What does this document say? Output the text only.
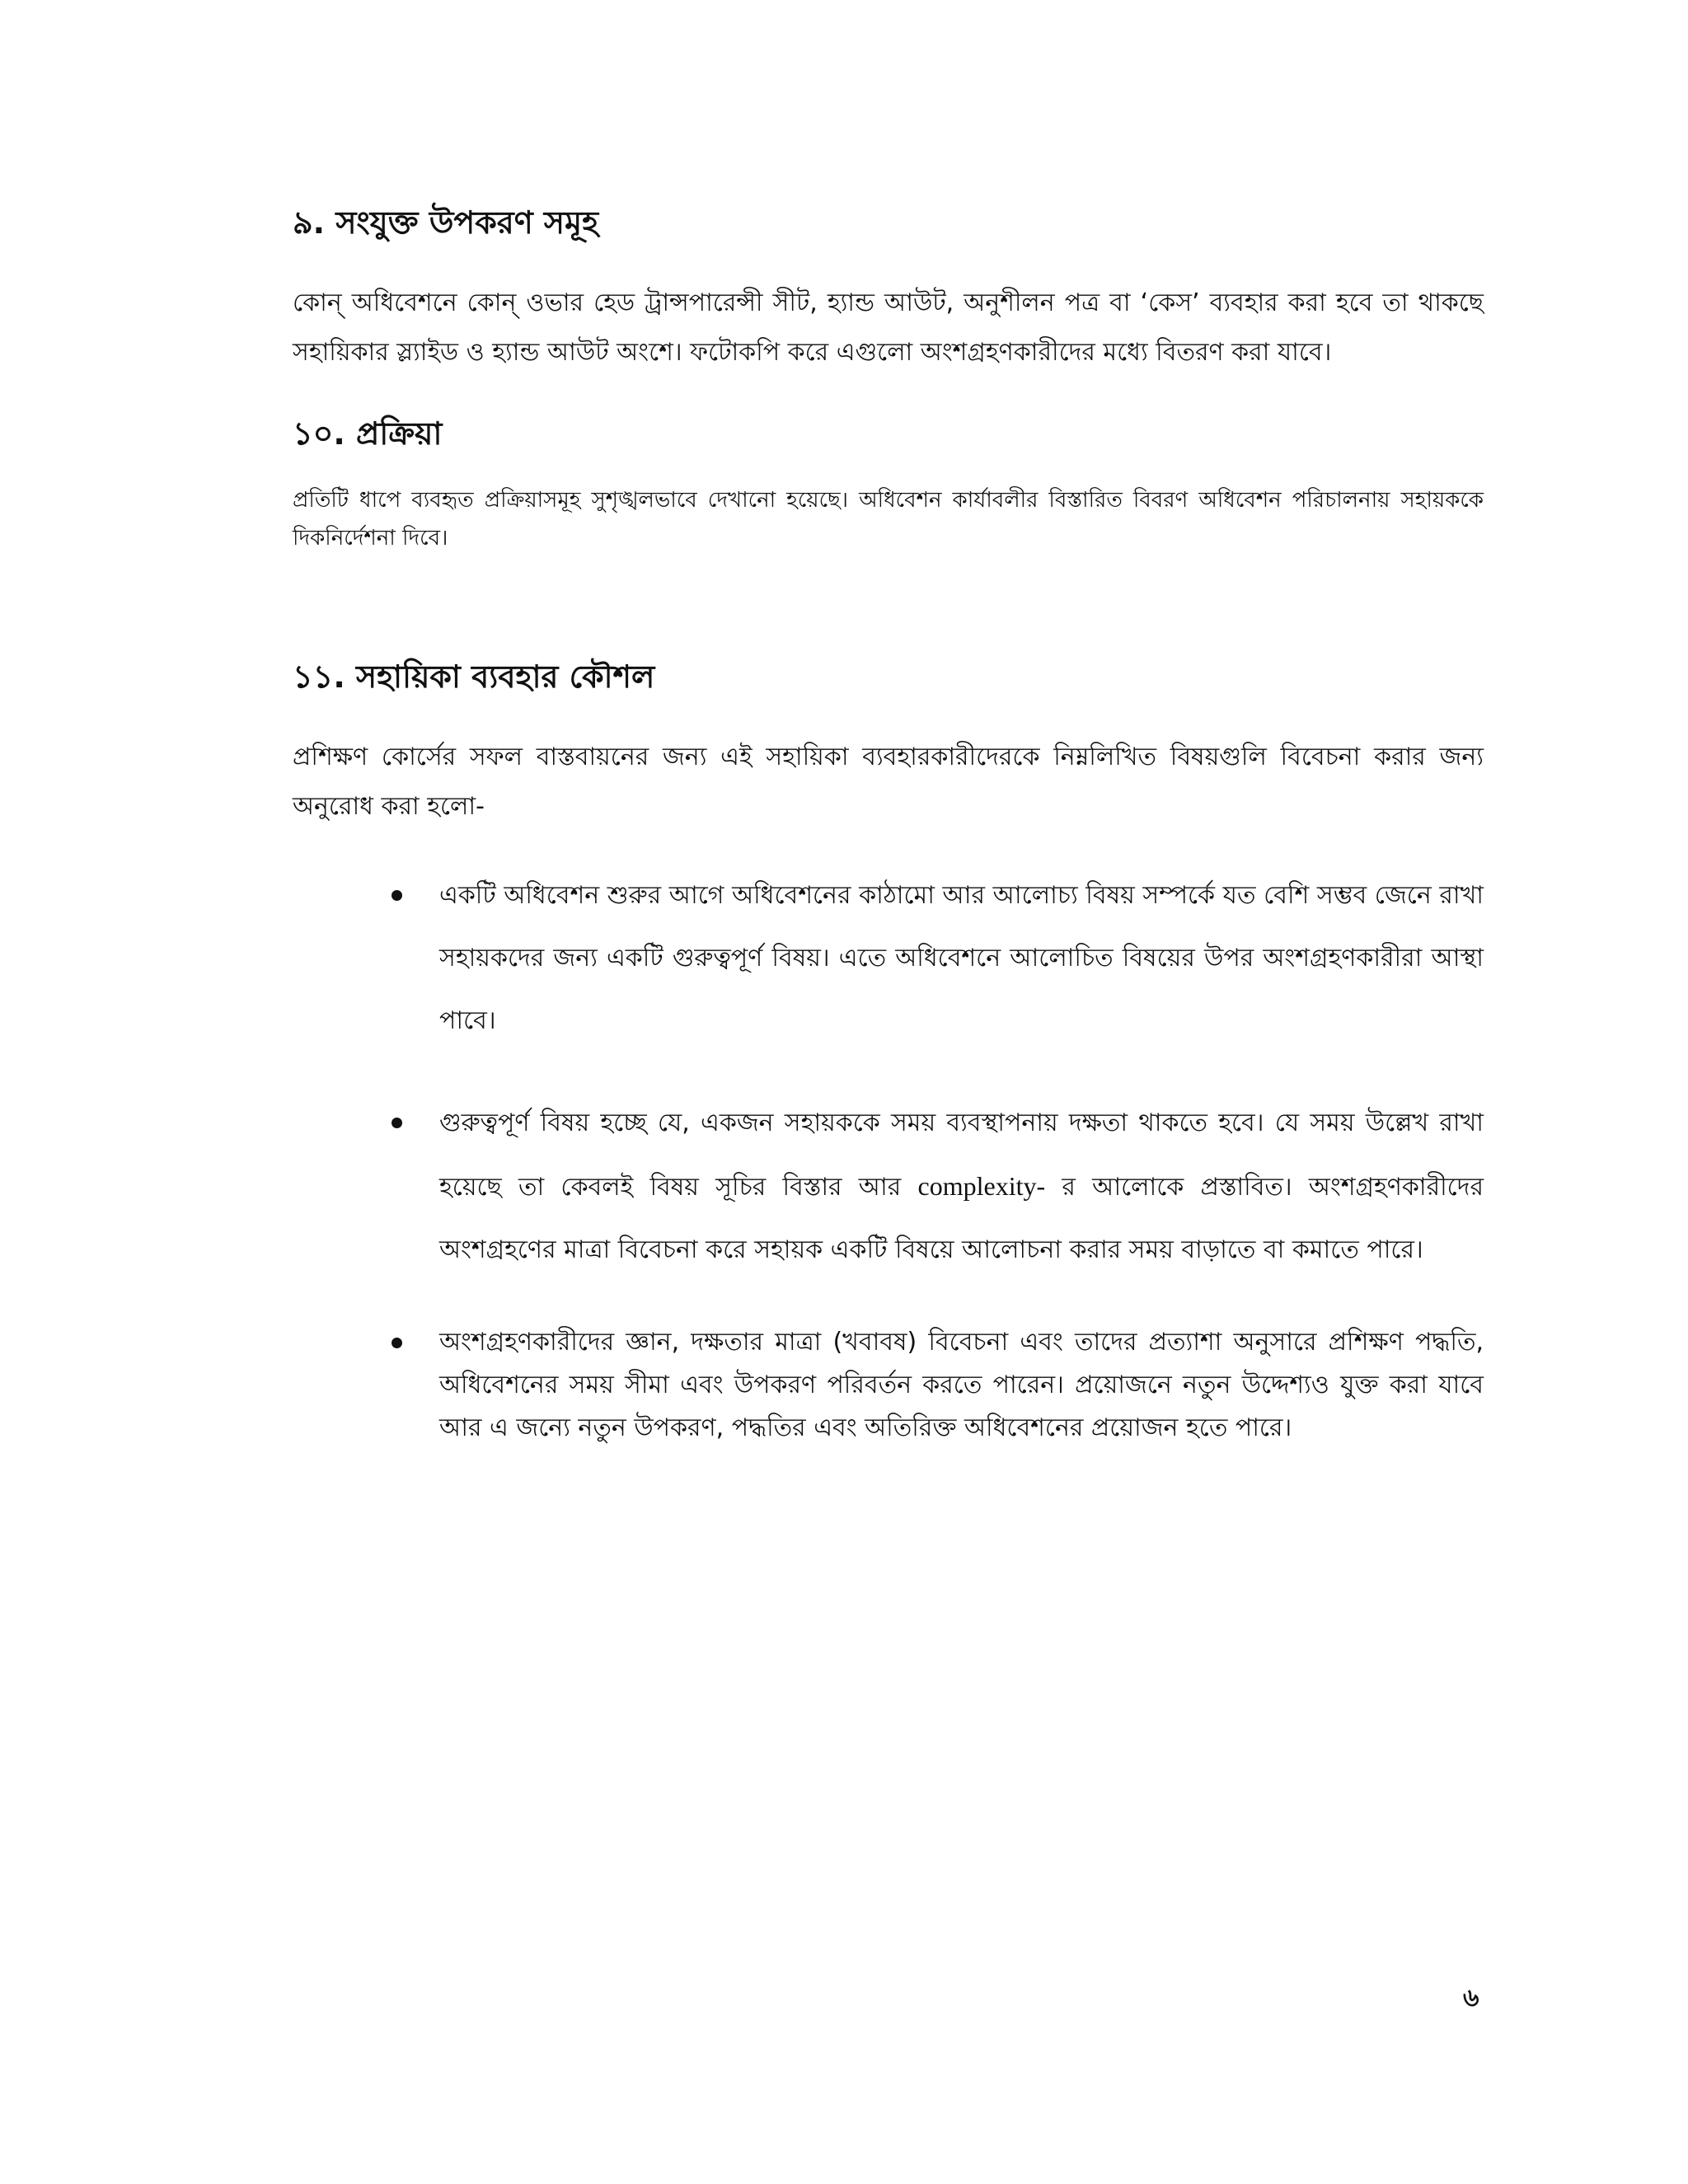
৯. সংযুক্ত উপকরণ সমূহ

কোন্ অধিবেশনে কোন্ ওভার হেড ট্রান্সপারেন্সী সীট, হ্যান্ড আউট, অনুশীলন পত্র বা ‘কেস’ ব্যবহার করা হবে তা থাকছে সহায়িকার স্ল্যাইড ও হ্যান্ড আউট অংশে। ফটোকপি করে এগুলো অংশগ্রহণকারীদের মধ্যে বিতরণ করা যাবে।

১০. প্রক্রিয়া

প্রতিটি ধাপে ব্যবহৃত প্রক্রিয়াসমূহ সুশৃঙ্খলভাবে দেখানো হয়েছে। অধিবেশন কার্যাবলীর বিস্তারিত বিবরণ অধিবেশন পরিচালনায় সহায়ককে দিকনির্দেশনা দিবে।

১১. সহায়িকা ব্যবহার কৌশল

প্রশিক্ষণ কোর্সের সফল বাস্তবায়নের জন্য এই সহায়িকা ব্যবহারকারীদেরকে নিম্নলিখিত বিষয়গুলি বিবেচনা করার জন্য অনুরোধ করা হলো-

একটি অধিবেশন শুরুর আগে অধিবেশনের কাঠামো আর আলোচ্য বিষয় সম্পর্কে যত বেশি সম্ভব জেনে রাখা সহায়কদের জন্য একটি গুরুত্বপূর্ণ বিষয়। এতে অধিবেশনে আলোচিত বিষয়ের উপর অংশগ্রহণকারীরা আস্থা পাবে।

গুরুত্বপূর্ণ বিষয় হচ্ছে যে, একজন সহায়ককে সময় ব্যবস্থাপনায় দক্ষতা থাকতে হবে। যে সময় উল্লেখ রাখা হয়েছে তা কেবলই বিষয় সূচির বিস্তার আর complexity- র আলোকে প্রস্তাবিত। অংশগ্রহণকারীদের অংশগ্রহণের মাত্রা বিবেচনা করে সহায়ক একটি বিষয়ে আলোচনা করার সময় বাড়াতে বা কমাতে পারে।

অংশগ্রহণকারীদের জ্ঞান, দক্ষতার মাত্রা (খবাবষ) বিবেচনা এবং তাদের প্রত্যাশা অনুসারে প্রশিক্ষণ পদ্ধতি, অধিবেশনের সময় সীমা এবং উপকরণ পরিবর্তন করতে পারেন। প্রয়োজনে নতুন উদ্দেশ্যও যুক্ত করা যাবে আর এ জন্যে নতুন উপকরণ, পদ্ধতির এবং অতিরিক্ত অধিবেশনের প্রয়োজন হতে পারে।

৬
